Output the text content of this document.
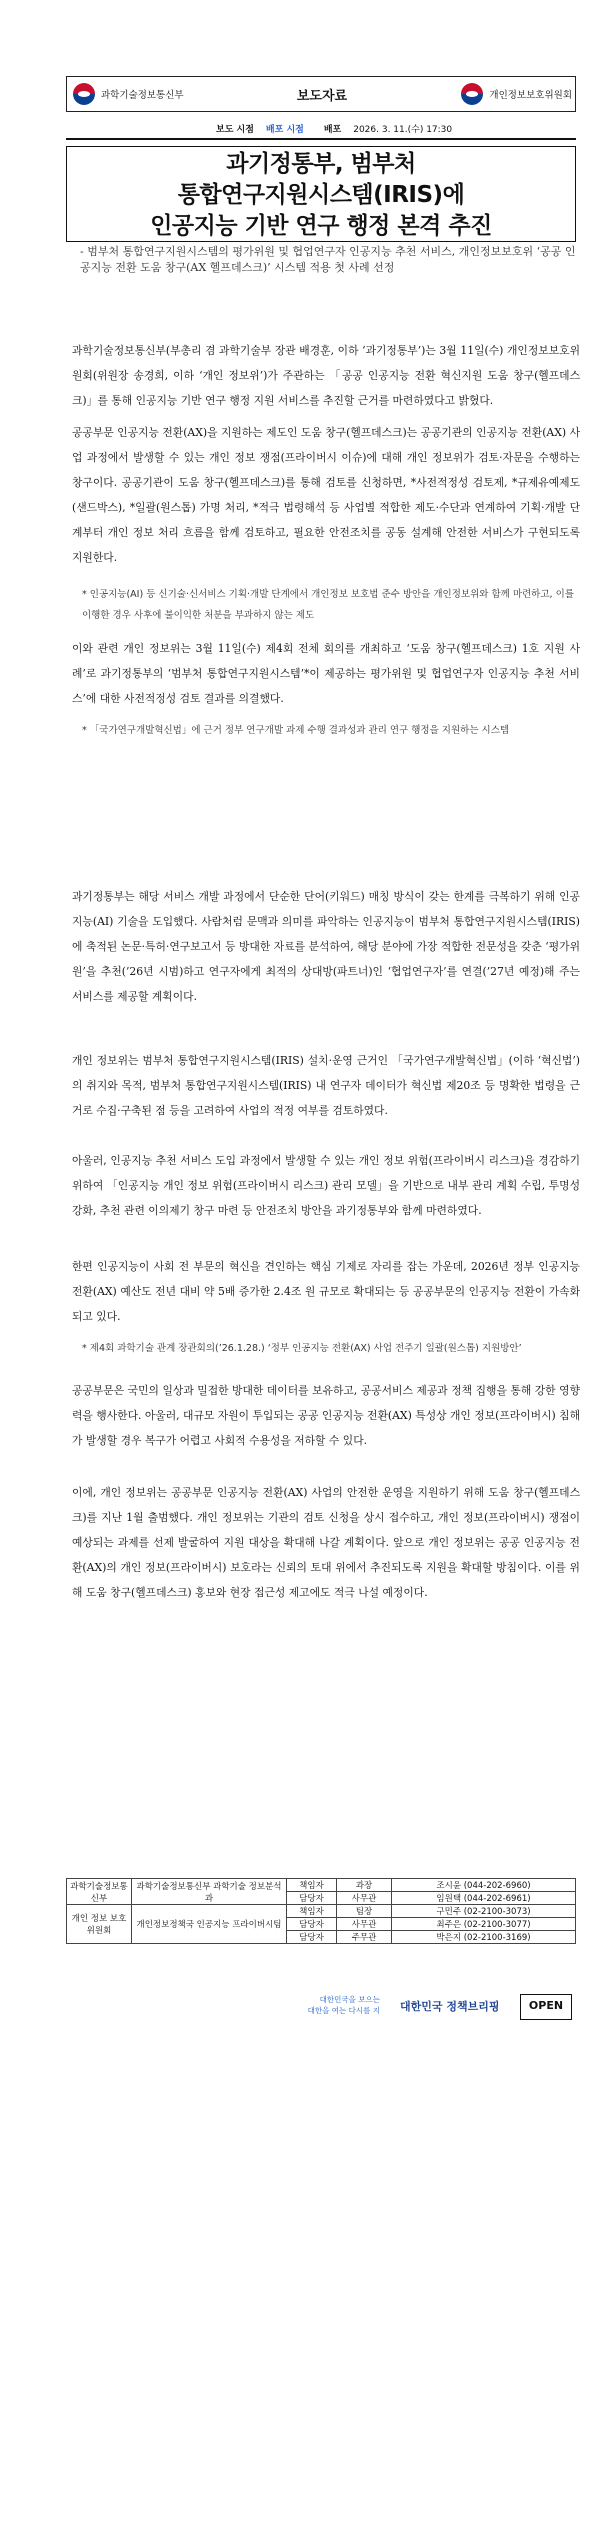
과학기술정보통신부	보도자료	개인정보보호위원회
보도 시점 배포 시점 배포 2026. 3. 11.(수) 17:30
과기정통부, 범부처
통합연구지원시스템(IRIS)에
인공지능 기반 연구 행정 본격 추진
- 범부처 통합연구지원시스템의 평가위원 및 협업연구자 인공지능 추천 서비스, 개인정보보호위 ‘공공 인공지능 전환 도움 창구(AX 헬프데스크)’ 시스템 적용 첫 사례 선정
과학기술정보통신부(부총리 겸 과학기술부 장관 배경훈, 이하 ‘과기정통부’)는 3월 11일(수) 개인정보보호위원회(위원장 송경희, 이하 ‘개인 정보위’)가 주관하는 「공공 인공지능 전환 혁신지원 도움 창구(헬프데스크)」를 통해 인공지능 기반 연구 행정 지원 서비스를 추진할 근거를 마련하였다고 밝혔다.
공공부문 인공지능 전환(AX)을 지원하는 제도인 도움 창구(헬프데스크)는 공공기관의 인공지능 전환(AX) 사업 과정에서 발생할 수 있는 개인 정보 쟁점(프라이버시 이슈)에 대해 개인 정보위가 검토·자문을 수행하는 창구이다. 공공기관이 도움 창구(헬프데스크)를 통해 검토를 신청하면, *사전적정성 검토제, *규제유예제도(샌드박스), *일괄(원스톱) 가명 처리, *적극 법령해석 등 사업별 적합한 제도·수단과 연계하여 기획·개발 단계부터 개인 정보 처리 흐름을 함께 검토하고, 필요한 안전조치를 공동 설계해 안전한 서비스가 구현되도록 지원한다.
* 인공지능(AI) 등 신기술·신서비스 기획·개발 단계에서 개인정보 보호법 준수 방안을 개인정보위와 함께 마련하고, 이를 이행한 경우 사후에 불이익한 처분을 부과하지 않는 제도
이와 관련 개인 정보위는 3월 11일(수) 제4회 전체 회의를 개최하고 ‘도움 창구(헬프데스크) 1호 지원 사례’로 과기정통부의 ‘범부처 통합연구지원시스템’*이 제공하는 평가위원 및 협업연구자 인공지능 추천 서비스’에 대한 사전적정성 검토 결과를 의결했다.
* 「국가연구개발혁신법」에 근거 정부 연구개발 과제 수행 결과성과 관리 연구 행정을 지원하는 시스템
과기정통부는 해당 서비스 개발 과정에서 단순한 단어(키워드) 매칭 방식이 갖는 한계를 극복하기 위해 인공지능(AI) 기술을 도입했다. 사람처럼 문맥과 의미를 파악하는 인공지능이 범부처 통합연구지원시스템(IRIS)에 축적된 논문·특허·연구보고서 등 방대한 자료를 분석하여, 해당 분야에 가장 적합한 전문성을 갖춘 ‘평가위원’을 추천(’26년 시범)하고 연구자에게 최적의 상대방(파트너)인 ‘협업연구자’를 연결(’27년 예정)해 주는 서비스를 제공할 계획이다.
개인 정보위는 범부처 통합연구지원시스템(IRIS) 설치·운영 근거인 「국가연구개발혁신법」(이하 ‘혁신법’)의 취지와 목적, 범부처 통합연구지원시스템(IRIS) 내 연구자 데이터가 혁신법 제20조 등 명확한 법령을 근거로 수집·구축된 점 등을 고려하여 사업의 적정 여부를 검토하였다.
아울러, 인공지능 추천 서비스 도입 과정에서 발생할 수 있는 개인 정보 위험(프라이버시 리스크)을 경감하기 위하여 「인공지능 개인 정보 위험(프라이버시 리스크) 관리 모델」을 기반으로 내부 관리 계획 수립, 투명성 강화, 추천 관련 이의제기 창구 마련 등 안전조치 방안을 과기정통부와 함께 마련하였다.
한편 인공지능이 사회 전 부문의 혁신을 견인하는 핵심 기제로 자리를 잡는 가운데, 2026년 정부 인공지능 전환(AX) 예산도 전년 대비 약 5배 증가한 2.4조 원 규모로 확대되는 등 공공부문의 인공지능 전환이 가속화되고 있다.
* 제4회 과학기술 관계 장관회의(’26.1.28.) ‘정부 인공지능 전환(AX) 사업 전주기 일괄(원스톱) 지원방안’
공공부문은 국민의 일상과 밀접한 방대한 데이터를 보유하고, 공공서비스 제공과 정책 집행을 통해 강한 영향력을 행사한다. 아울러, 대규모 자원이 투입되는 공공 인공지능 전환(AX) 특성상 개인 정보(프라이버시) 침해가 발생할 경우 복구가 어렵고 사회적 수용성을 저하할 수 있다.
이에, 개인 정보위는 공공부문 인공지능 전환(AX) 사업의 안전한 운영을 지원하기 위해 도움 창구(헬프데스크)를 지난 1월 출범했다. 개인 정보위는 기관의 검토 신청을 상시 접수하고, 개인 정보(프라이버시) 쟁점이 예상되는 과제를 선제 발굴하여 지원 대상을 확대해 나갈 계획이다. 앞으로 개인 정보위는 공공 인공지능 전환(AX)의 개인 정보(프라이버시) 보호라는 신뢰의 토대 위에서 추진되도록 지원을 확대할 방침이다. 이를 위해 도움 창구(헬프데스크) 홍보와 현장 접근성 제고에도 적극 나설 예정이다.
과학기술정보통신부	과학기술정보통신부 과학기술 정보분석과	책임자	과장	조시윤 (044-202-6960)
		담당자	사무관	임원택 (044-202-6961)
개인 정보 보호 위원회	개인정보정책국 인공지능 프라이버시팀	책임자	팀장	구민주 (02-2100-3073)
		담당자	사무관	최주은 (02-2100-3077)
		담당자	주무관	박은지 (02-2100-3169)
대한민국을 보으는
대한을 여는 다시를 지 대한민국 정책브리핑	OPEN
